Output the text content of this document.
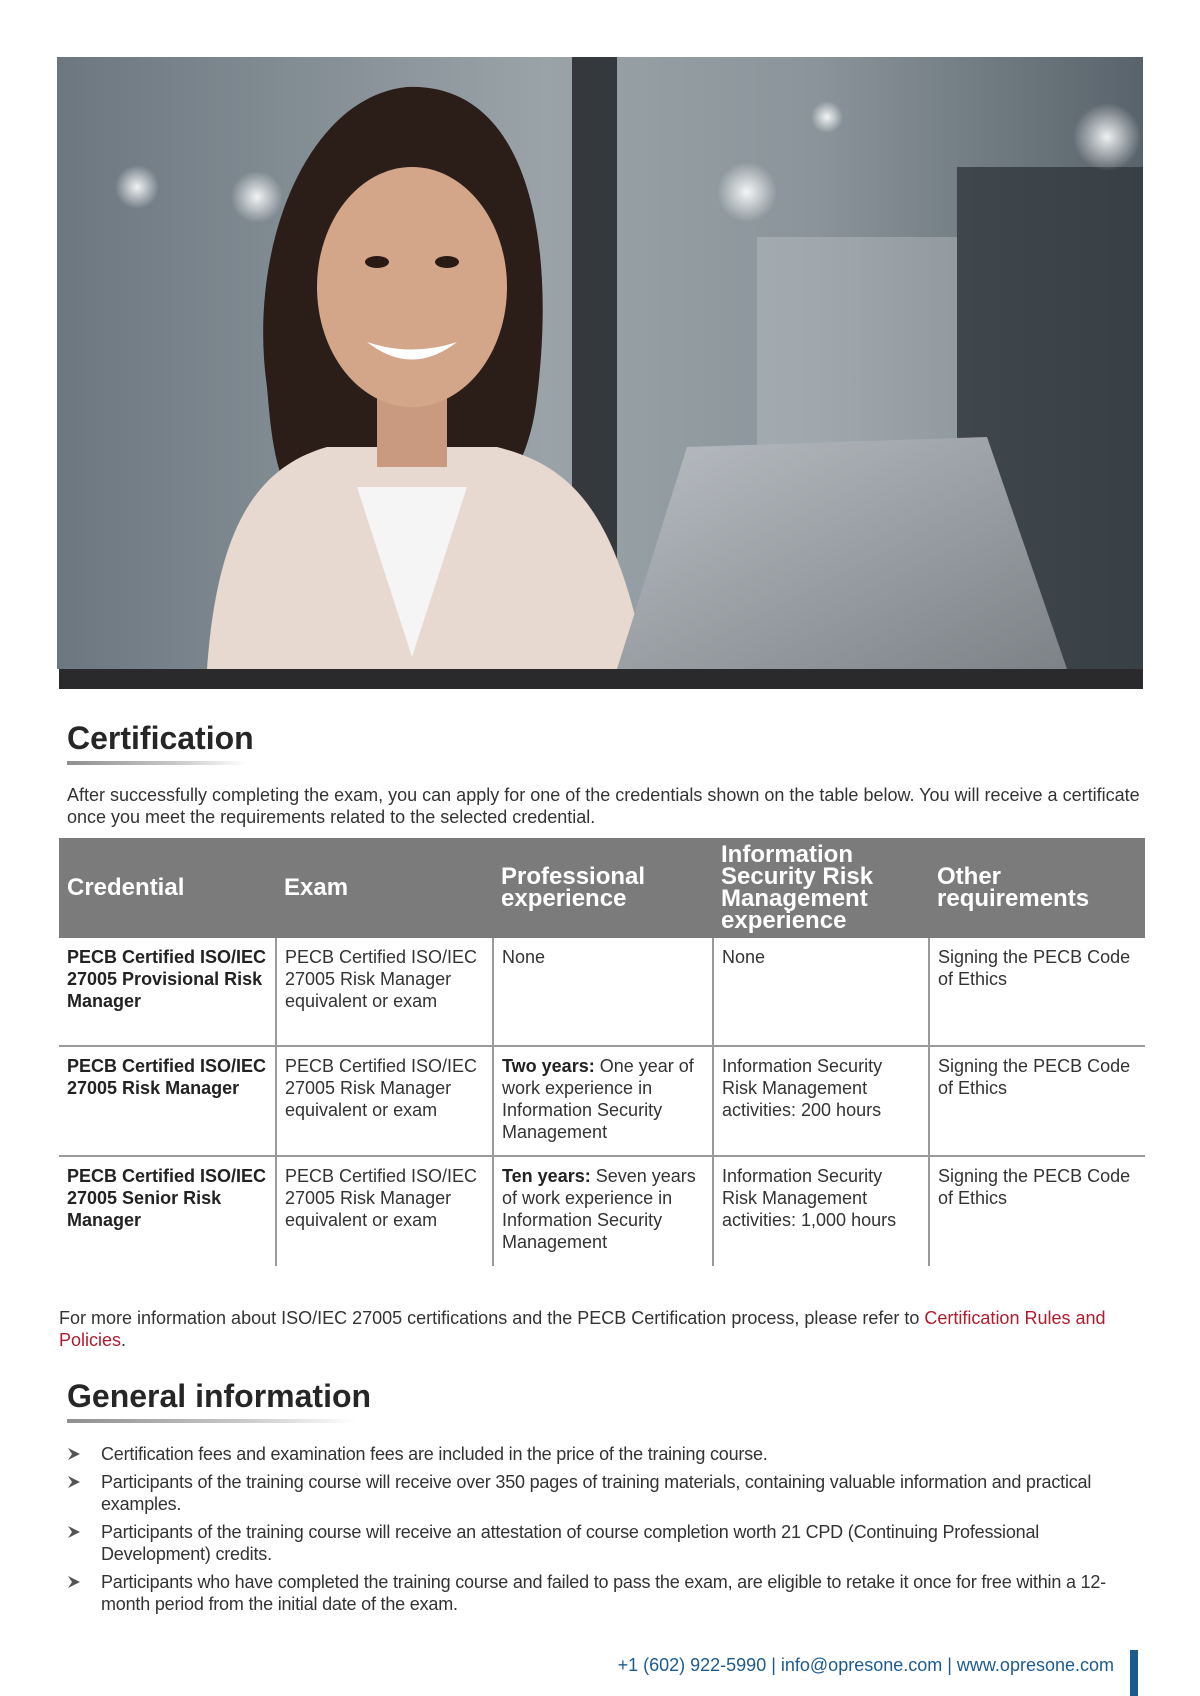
Certification

After successfully completing the exam, you can apply for one of the credentials shown on the table below. You will receive a certificate once you meet the requirements related to the selected credential.

Credential	Exam	Professional experience	Information Security Risk Management experience	Other requirements
PECB Certified ISO/IEC 27005 Provisional Risk Manager	PECB Certified ISO/IEC 27005 Risk Manager equivalent or exam	None	None	Signing the PECB Code of Ethics
PECB Certified ISO/IEC 27005 Risk Manager	PECB Certified ISO/IEC 27005 Risk Manager equivalent or exam	Two years: One year of work experience in Information Security Management	Information Security Risk Management activities: 200 hours	Signing the PECB Code of Ethics
PECB Certified ISO/IEC 27005 Senior Risk Manager	PECB Certified ISO/IEC 27005 Risk Manager equivalent or exam	Ten years: Seven years of work experience in Information Security Management	Information Security Risk Management activities: 1,000 hours	Signing the PECB Code of Ethics

For more information about ISO/IEC 27005 certifications and the PECB Certification process, please refer to Certification Rules and Policies.

General information
Certification fees and examination fees are included in the price of the training course.
Participants of the training course will receive over 350 pages of training materials, containing valuable information and practical examples.
Participants of the training course will receive an attestation of course completion worth 21 CPD (Continuing Professional Development) credits.
Participants who have completed the training course and failed to pass the exam, are eligible to retake it once for free within a 12-month period from the initial date of the exam.

+1 (602) 922-5990 | info@opresone.com | www.opresone.com
